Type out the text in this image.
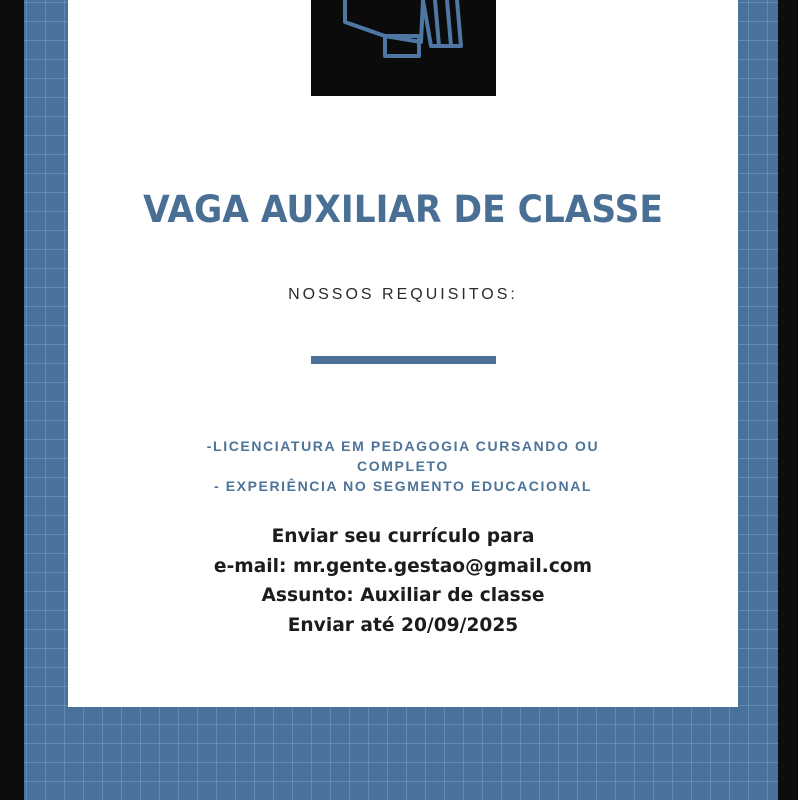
VAGA AUXILIAR DE CLASSE
NOSSOS REQUISITOS:
-LICENCIATURA EM PEDAGOGIA CURSANDO OU
COMPLETO
- EXPERIÊNCIA NO SEGMENTO EDUCACIONAL
Enviar seu currículo para
e-mail: mr.gente.gestao@gmail.com
Assunto: Auxiliar de classe
Enviar até 20/09/2025
